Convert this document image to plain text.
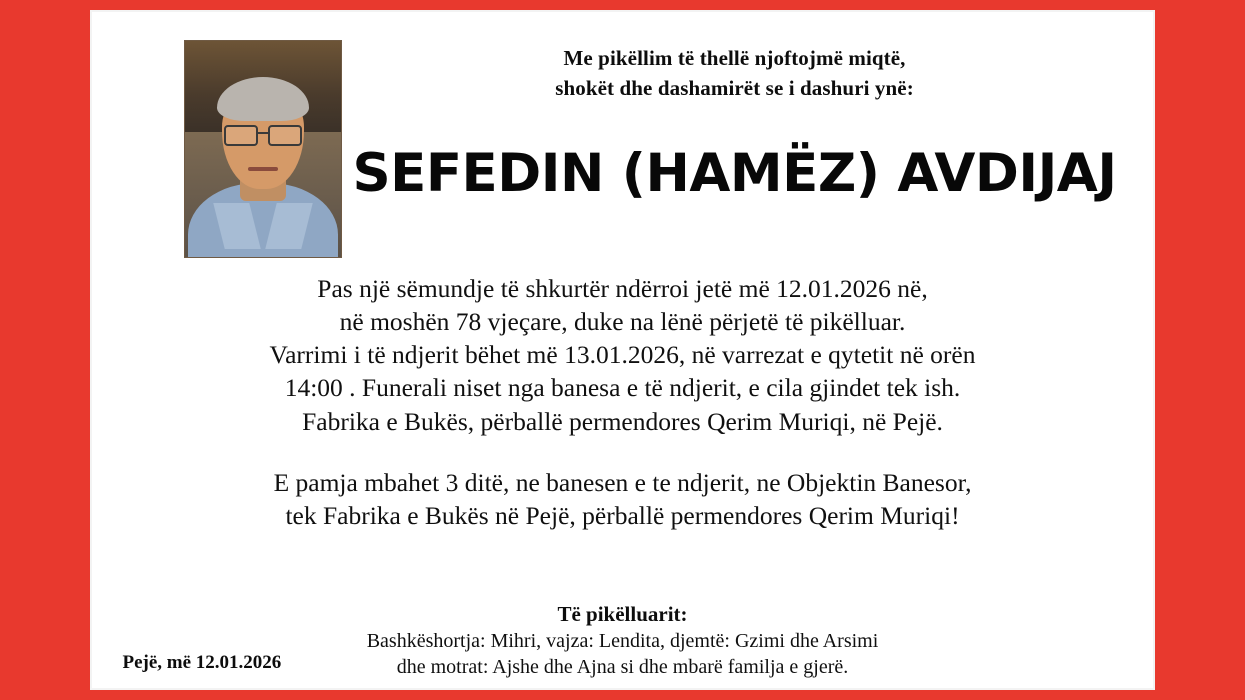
Me pikëllim të thellë njoftojmë miqtë,
shokët dhe dashamirët se i dashuri ynë:
SEFEDIN (HAMËZ) AVDIJAJ

Pas një sëmundje të shkurtër ndërroi jetë më 12.01.2026 në,

në moshën 78 vjeçare, duke na lënë përjetë të pikëlluar.

Varrimi i të ndjerit bëhet më 13.01.2026, në varrezat e qytetit në orën

14:00 . Funerali niset nga banesa e të ndjerit, e cila gjindet tek ish.

Fabrika e Bukës, përballë permendores Qerim Muriqi, në Pejë.

E pamja mbahet 3 ditë, ne banesen e te ndjerit, ne Objektin Banesor,

tek Fabrika e Bukës në Pejë, përballë permendores Qerim Muriqi!

Të pikëlluarit:
Bashkëshortja: Mihri, vajza: Lendita, djemtë: Gzimi dhe Arsimi
dhe motrat: Ajshe dhe Ajna si dhe mbarë familja e gjerë.
Pejë, më 12.01.2026
